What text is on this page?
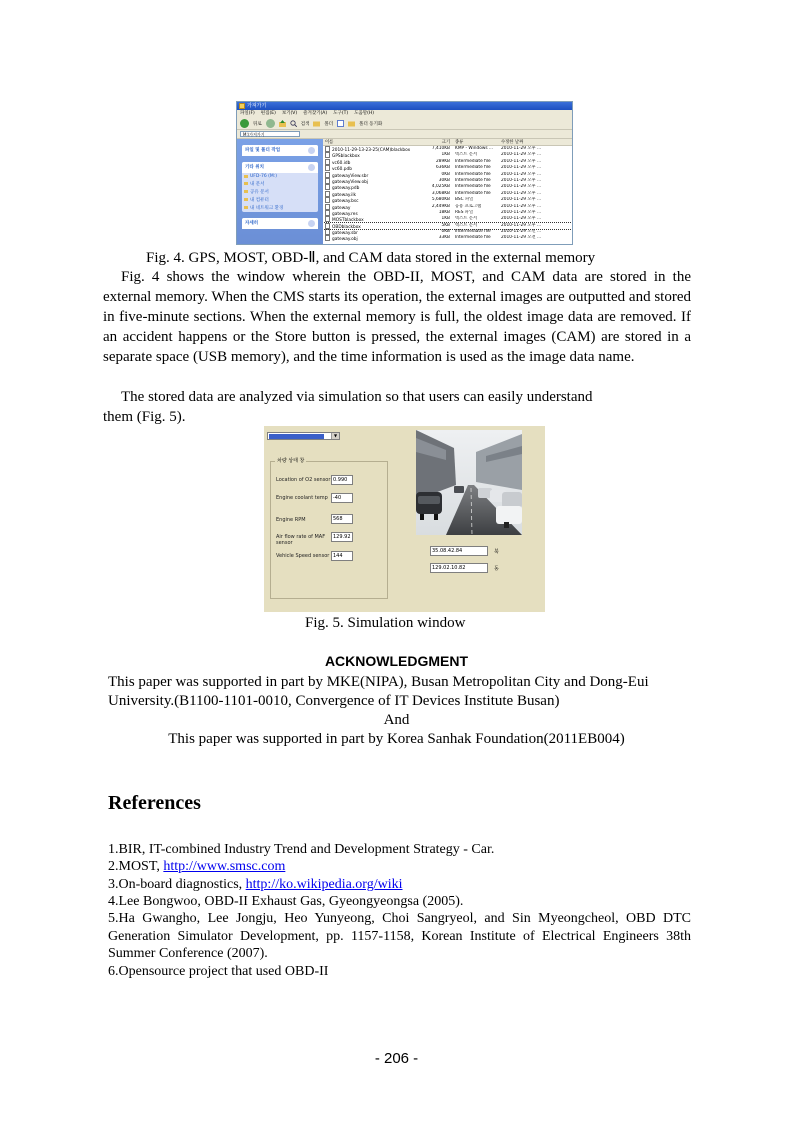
가져가기
파일(F) 편집(E) 보기(V) 즐겨찾기(A) 도구(T) 도움말(H)
뒤로	검색	폴더	폴더 동기화
M:\가져가기
파일 및 폴더 작업
기타 위치
UFD-76 (M:)
내 문서
공유 문서
내 컴퓨터
내 네트워크 환경
자세히
이름	크기	종류	수정한 날짜
2010-11-29-13-23-25(CAM)blackbox	7,410KB	KMP - Windows ...	2010-11-29 오후 ...
GPSblackbox	1KB	텍스트 문서	2010-11-29 오후 ...
vc60.idb	289KB	Intermediate file	2010-11-29 오후 ...
vc60.pdb	636KB	Intermediate file	2010-11-29 오후 ...
gatewayView.sbr	0KB	Intermediate file	2010-11-29 오후 ...
gatewayView.obj	30KB	Intermediate file	2010-11-29 오후 ...
gateway.pdb	4,025KB	Intermediate file	2010-11-29 오후 ...
gateway.ilk	3,068KB	Intermediate file	2010-11-29 오후 ...
gateway.bsc	5,680KB	BSC 파일	2010-11-29 오후 ...
gateway	2,449KB	응용 프로그램	2010-11-29 오후 ...
gateway.res	18KB	RES 파일	2010-11-29 오후 ...
MOSTblackbox	1KB	텍스트 문서	2010-11-29 오후 ...
OBDblackbox	5KB	텍스트 문서	2010-11-29 오후 ...
gateway.sbr	0KB	Intermediate file	2010-11-29 오전 ...
gateway.obj	33KB	Intermediate file	2010-11-29 오전 ...
Fig. 4. GPS, MOST, OBD-Ⅱ, and CAM data stored in the external memory
Fig. 4 shows the window wherein the OBD-II, MOST, and CAM data are stored in the external memory. When the CMS starts its operation, the external images are outputted and stored in five-minute sections. When the external memory is full, the oldest image data are removed. If an accident happens or the Store button is pressed, the external images (CAM) are stored in a separate space (USB memory), and the time information is used as the image data name.
The stored data are analyzed via simulation so that users can easily understand
them (Fig. 5).
▼
차량 상태 창
Location of O2 sensor 0.990
Engine coolant temp	-40
Engine RPM	568
Air flow rate of MAF sensor
129.92
Vehicle Speed sensor 144
35.08.42.84	북
129.02.10.82	동
Fig. 5. Simulation window
ACKNOWLEDGMENT
This paper was supported in part by MKE(NIPA), Busan Metropolitan City and Dong-Eui
University.(B1100-1101-0010, Convergence of IT Devices Institute Busan)
And
This paper was supported in part by Korea Sanhak Foundation(2011EB004)
References
1.BIR, IT-combined Industry Trend and Development Strategy - Car.
2.MOST, http://www.smsc.com
3.On-board diagnostics, http://ko.wikipedia.org/wiki
4.Lee Bongwoo, OBD-II Exhaust Gas, Gyeongyeongsa (2005).
5.Ha Gwangho, Lee Jongju, Heo Yunyeong, Choi Sangryeol, and Sin Myeongcheol, OBD DTC Generation Simulator Development, pp. 1157-1158, Korean Institute of Electrical Engineers 38th Summer Conference (2007).
6.Opensource project that used OBD-II
- 206 -
